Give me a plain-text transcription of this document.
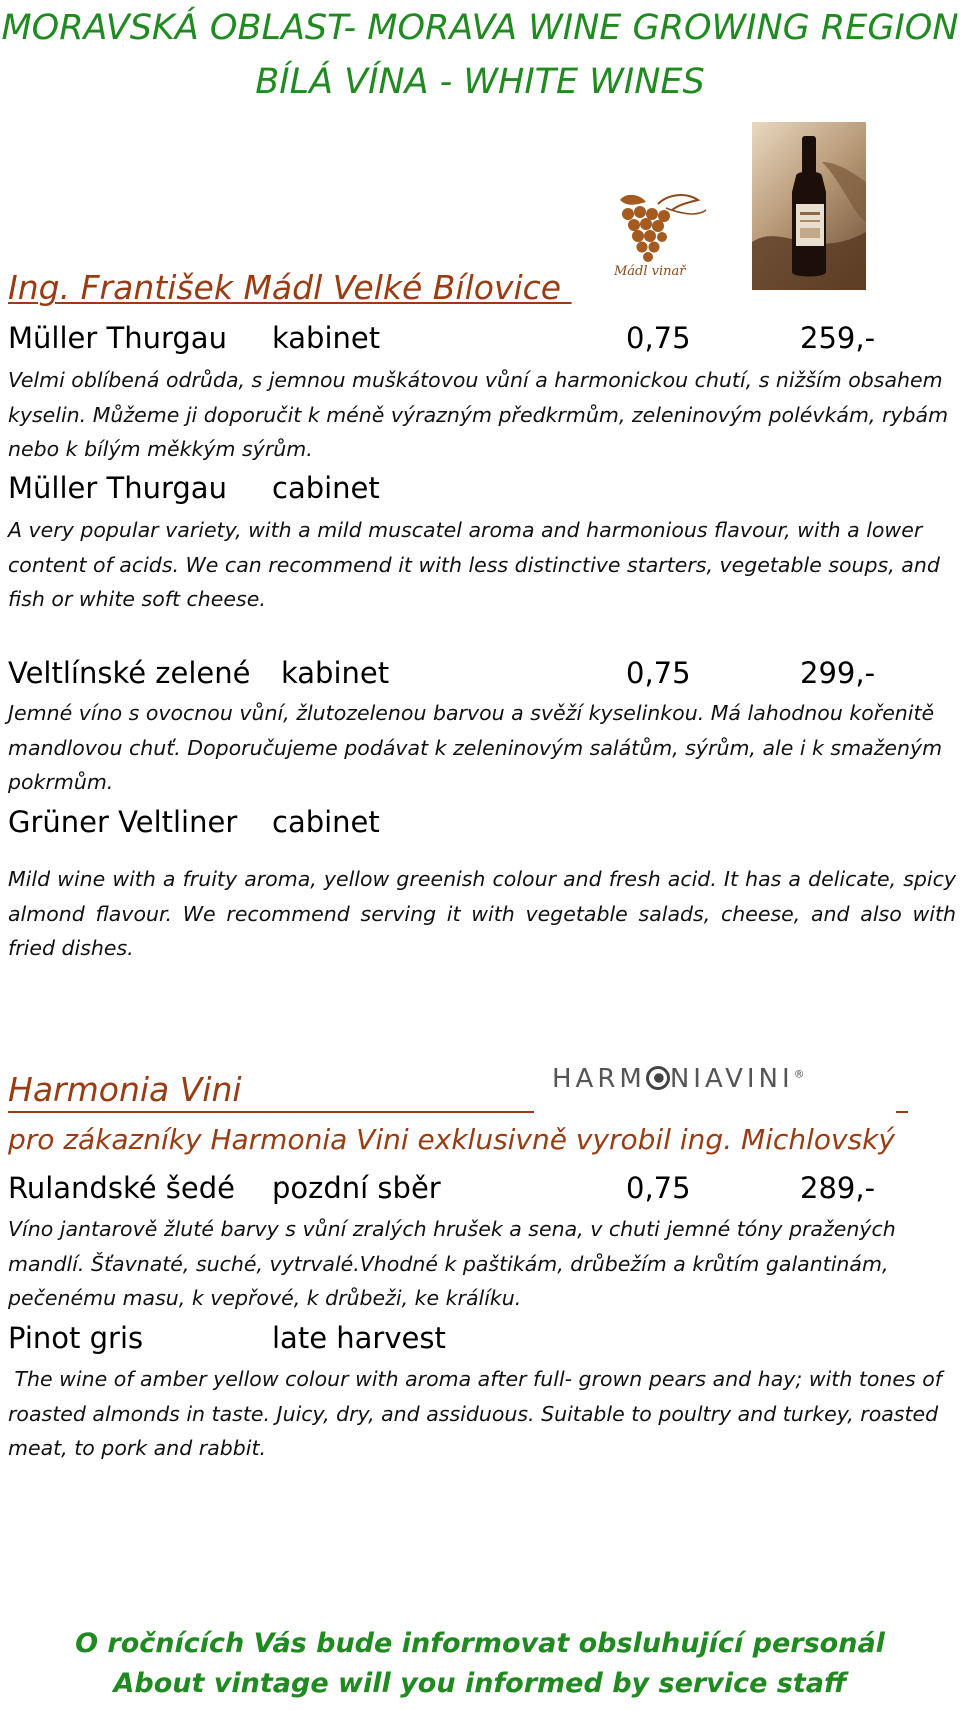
MORAVSKÁ OBLAST- MORAVA WINE GROWING REGION
BÍLÁ VÍNA - WHITE WINES
Mádl vinař
Ing. František Mádl Velké Bílovice
Müller Thurgau kabinet	0,75	259,-
Velmi oblíbená odrůda, s jemnou muškátovou vůní a harmonickou chutí, s nižším obsahem kyselin. Můžeme ji doporučit k méně výrazným předkrmům, zeleninovým polévkám, rybám nebo k bílým měkkým sýrům.
Müller Thurgau cabinet
A very popular variety, with a mild muscatel aroma and harmonious flavour, with a lower content of acids. We can recommend it with less distinctive starters, vegetable soups, and fish or white soft cheese.
Veltlínské zelené kabinet	0,75	299,-
Jemné víno s ovocnou vůní, žlutozelenou barvou a svěží kyselinkou. Má lahodnou kořenitě mandlovou chuť. Doporučujeme podávat k zeleninovým salátům, sýrům, ale i k smaženým pokrmům.
Grüner Veltliner cabinet
Mild wine with a fruity aroma, yellow greenish colour and fresh acid. It has a delicate, spicy almond flavour. We recommend serving it with vegetable salads, cheese, and also with fried dishes.
Harmonia Vini	HARM NIAVINI®
pro zákazníky Harmonia Vini exklusivně vyrobil ing. Michlovský
Rulandské šedé pozdní sběr	0,75	289,-
Víno jantarově žluté barvy s vůní zralých hrušek a sena, v chuti jemné tóny pražených mandlí. Šťavnaté, suché, vytrvalé.Vhodné k paštikám, drůbežím a krůtím galantinám, pečenému masu, k vepřové, k drůbeži, ke králíku.
Pinot gris	late harvest
The wine of amber yellow colour with aroma after full- grown pears and hay; with tones of roasted almonds in taste. Juicy, dry, and assiduous. Suitable to poultry and turkey, roasted meat, to pork and rabbit.
O ročnících Vás bude informovat obsluhující personál
About vintage will you informed by service staff
